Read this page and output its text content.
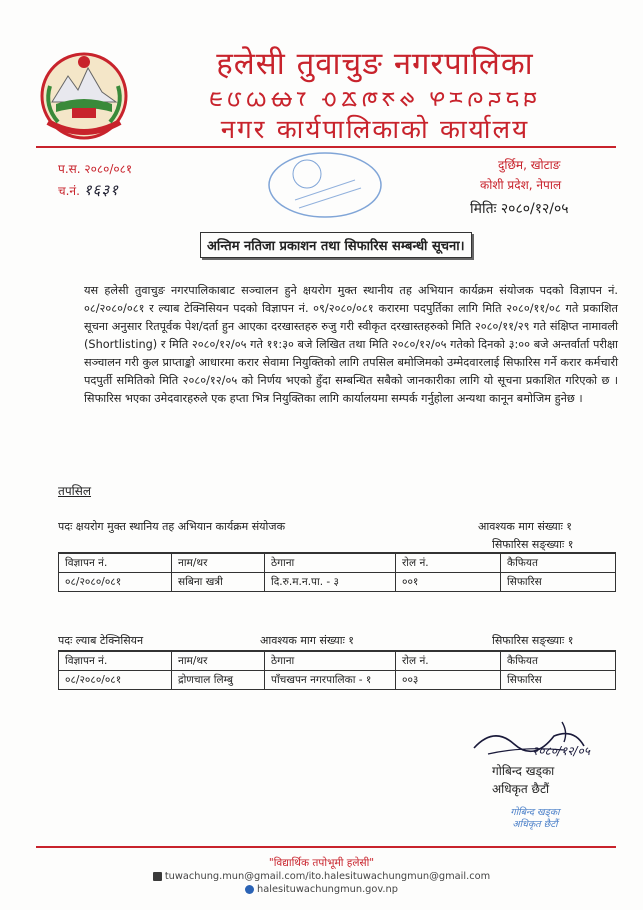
हलेसी तुवाचुङ नगरपालिका
ᰀᰂᰃᰄᰅ ᰆᰇᰈᰉᰊ ᰋᰌᰍᰎᰏᰐ
नगर कार्यपालिकाको कार्यालय
प.स. २०८०/०८१
च.नं. १६३१
दुर्छिम, खोटाङ
कोशी प्रदेश, नेपाल
मितिः २०८०/१२/०५
अन्तिम नतिजा प्रकाशन तथा सिफारिस सम्बन्धी सूचना।
यस हलेसी तुवाचुङ नगरपालिकाबाट सञ्चालन हुने क्षयरोग मुक्त स्थानीय तह अभियान कार्यक्रम संयोजक पदको विज्ञापन नं. ०८/२०८०/०८१ र ल्याब टेक्निसियन पदको विज्ञापन नं. ०९/२०८०/०८१ करारमा पदपुर्तिका लागि मिति २०८०/११/०८ गते प्रकाशित सूचना अनुसार रितपूर्वक पेश/दर्ता हुन आएका दरखास्तहरु रुजु गरी स्वीकृत दरखास्तहरुको मिति २०८०/११/२९ गते संक्षिप्त नामावली (Shortlisting) र मिति २०८०/१२/०५ गते ११:३० बजे लिखित तथा मिति २०८०/१२/०५ गतेको दिनको ३:०० बजे अन्तर्वार्ता परीक्षा सञ्चालन गरी कुल प्राप्ताङ्को आधारमा करार सेवामा नियुक्तिको लागि तपसिल बमोजिमको उम्मेदवारलाई सिफारिस गर्ने करार कर्मचारी पदपुर्ती समितिको मिति २०८०/१२/०५ को निर्णय भएको हुँदा सम्बन्धित सबैको जानकारीका लागि यो सूचना प्रकाशित गरिएको छ । सिफारिस भएका उमेदवारहरुले एक हप्ता भित्र नियुक्तिका लागि कार्यालयमा सम्पर्क गर्नुहोला अन्यथा कानून बमोजिम हुनेछ ।
तपसिल
पदः क्षयरोग मुक्त स्थानिय तह अभियान कार्यक्रम संयोजक	आवश्यक माग संख्याः १
सिफारिस सङ्ख्याः १
विज्ञापन नं.	नाम/थर	ठेगाना	रोल नं.	कैफियत
०८/२०८०/०८१	सबिना खत्री	दि.रु.म.न.पा. - ३	००१	सिफारिस
पदः ल्याब टेक्निसियन	आवश्यक माग संख्याः १	सिफारिस सङ्ख्याः १
विज्ञापन नं.	नाम/थर	ठेगाना	रोल नं.	कैफियत
०८/२०८०/०८१	द्रोणचाल लिम्बु	पाँचखपन नगरपालिका - १	००३	सिफारिस
२०८०/१२/०५
गोबिन्द खड्का
अधिकृत छैटौं
गोबिन्द खड्का
अधिकृत छैटौं
"विद्यार्थिक तपोभूमी हलेसी"
tuwachung.mun@gmail.com/ito.halesituwachungmun@gmail.com
halesituwachungmun.gov.np
